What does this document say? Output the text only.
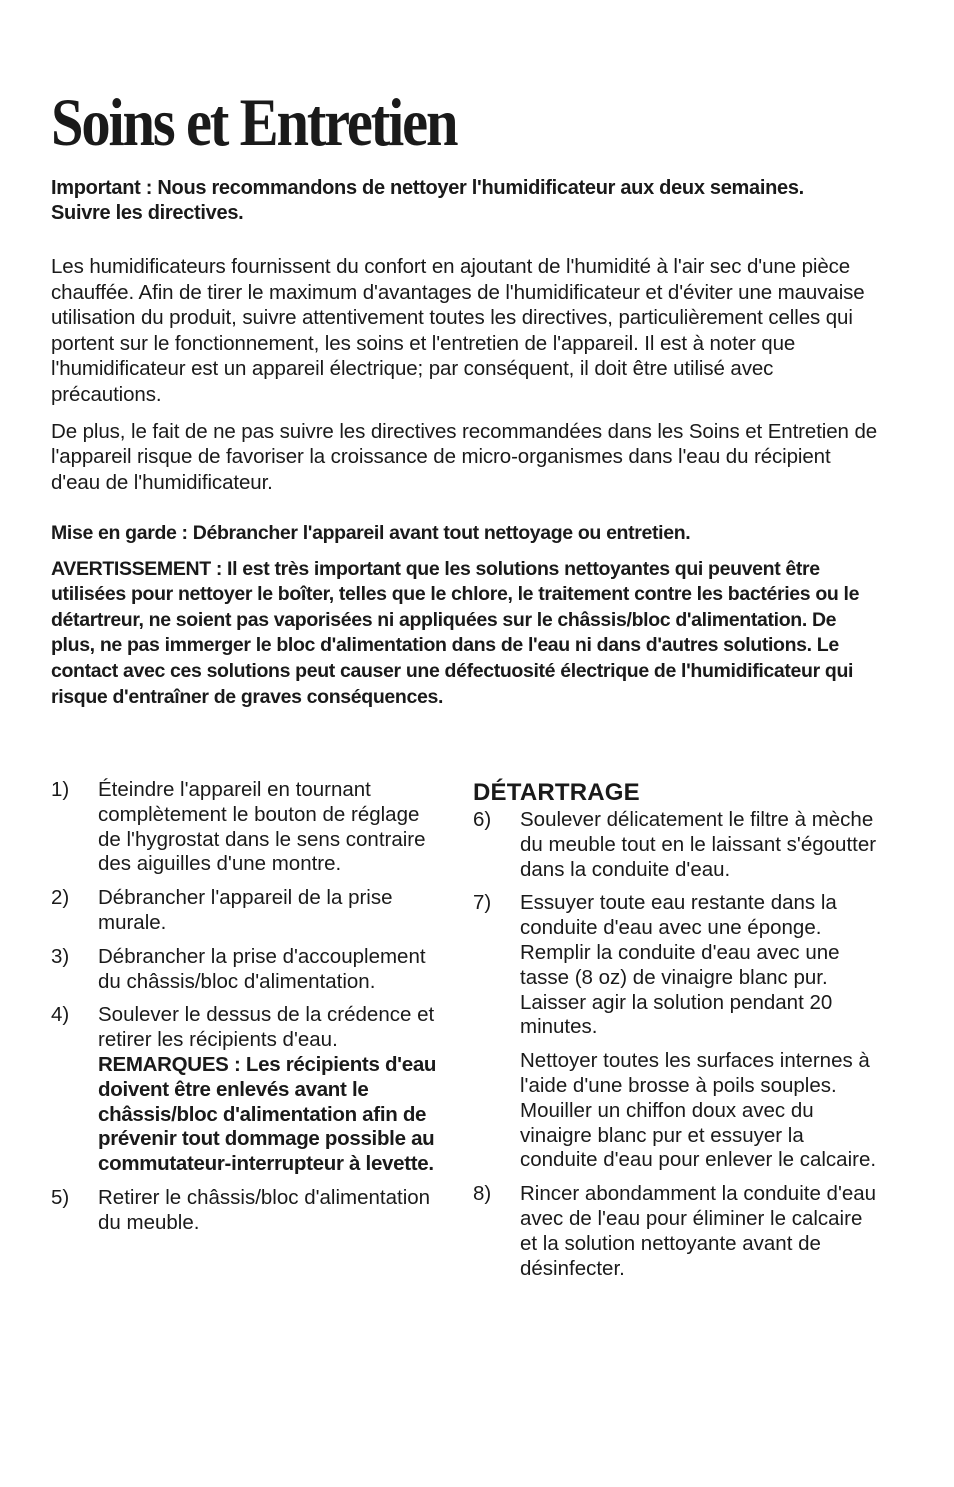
Soins et Entretien

Important : Nous recommandons de nettoyer l'humidificateur aux deux semaines. Suivre les directives.

Les humidificateurs fournissent du confort en ajoutant de l'humidité à l'air sec d'une pièce chauffée. Afin de tirer le maximum d'avantages de l'humidificateur et d'éviter une mauvaise utilisation du produit, suivre attentivement toutes les directives, particulièrement celles qui portent sur le fonctionnement, les soins et l'entretien de l'appareil. Il est à noter que l'humidificateur est un appareil électrique; par conséquent, il doit être utilisé avec précautions.

De plus, le fait de ne pas suivre les directives recommandées dans les Soins et Entretien de l'appareil risque de favoriser la croissance de micro-organismes dans l'eau du récipient d'eau de l'humidificateur.

Mise en garde : Débrancher l'appareil avant tout nettoyage ou entretien.

AVERTISSEMENT : Il est très important que les solutions nettoyantes qui peuvent être utilisées pour nettoyer le boîter, telles que le chlore, le traitement contre les bactéries ou le détartreur, ne soient pas vaporisées ni appliquées sur le châssis/bloc d'alimentation. De plus, ne pas immerger le bloc d'alimentation dans de l'eau ni dans d'autres solutions. Le contact avec ces solutions peut causer une défectuosité électrique de l'humidificateur qui risque d'entraîner de graves conséquences.

1) Éteindre l'appareil en tournant complètement le bouton de réglage de l'hygrostat dans le sens contraire des aiguilles d'une montre.
2) Débrancher l'appareil de la prise murale.
3) Débrancher la prise d'accouplement du châssis/bloc d'alimentation.
4) Soulever le dessus de la crédence et retirer les récipients d'eau.
REMARQUES : Les récipients d'eau doivent être enlevés avant le châssis/bloc d'alimentation afin de prévenir tout dommage possible au commutateur-interrupteur à levette.
5) Retirer le châssis/bloc d'alimentation du meuble.
DÉTARTRAGE
6) Soulever délicatement le filtre à mèche du meuble tout en le laissant s'égoutter dans la conduite d'eau.
7) Essuyer toute eau restante dans la conduite d'eau avec une éponge. Remplir la conduite d'eau avec une tasse (8 oz) de vinaigre blanc pur. Laisser agir la solution pendant 20 minutes.
Nettoyer toutes les surfaces internes à l'aide d'une brosse à poils souples. Mouiller un chiffon doux avec du vinaigre blanc pur et essuyer la conduite d'eau pour enlever le calcaire.
8) Rincer abondamment la conduite d'eau avec de l'eau pour éliminer le calcaire et la solution nettoyante avant de désinfecter.
